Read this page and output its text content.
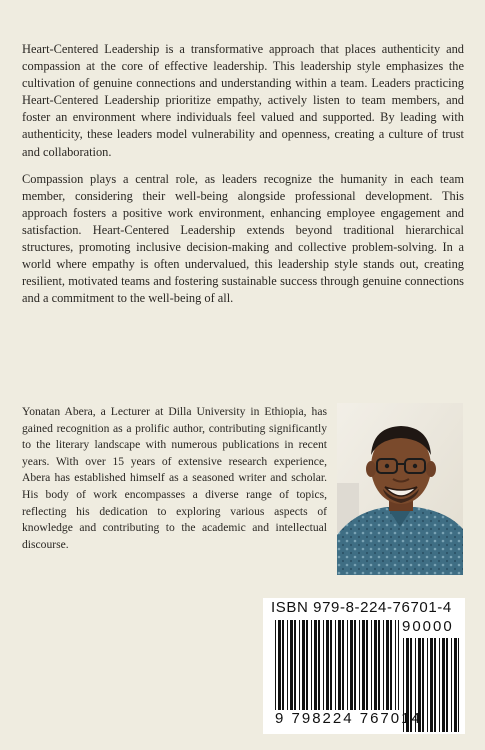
Heart-Centered Leadership is a transformative approach that places authenticity and compassion at the core of effective leadership. This leadership style emphasizes the cultivation of genuine connections and understanding within a team. Leaders practicing Heart-Centered Leadership prioritize empathy, actively listen to team members, and foster an environment where individuals feel valued and supported. By leading with authenticity, these leaders model vulnerability and openness, creating a culture of trust and collaboration.

Compassion plays a central role, as leaders recognize the humanity in each team member, considering their well-being alongside professional development. This approach fosters a positive work environment, enhancing employee engagement and satisfaction. Heart-Centered Leadership extends beyond traditional hierarchical structures, promoting inclusive decision-making and collective problem-solving. In a world where empathy is often undervalued, this leadership style stands out, creating resilient, motivated teams and fostering sustainable success through genuine connections and a commitment to the well-being of all.

Yonatan Abera, a Lecturer at Dilla University in Ethiopia, has gained recognition as a prolific author, contributing significantly to the literary landscape with numerous publications in recent years. With over 15 years of extensive research experience, Abera has established himself as a seasoned writer and scholar. His body of work encompasses a diverse range of topics, reflecting his dedication to exploring various aspects of knowledge and contributing to the academic and intellectual discourse.

ISBN 979-8-224-76701-4
90000
9 798224 767014
